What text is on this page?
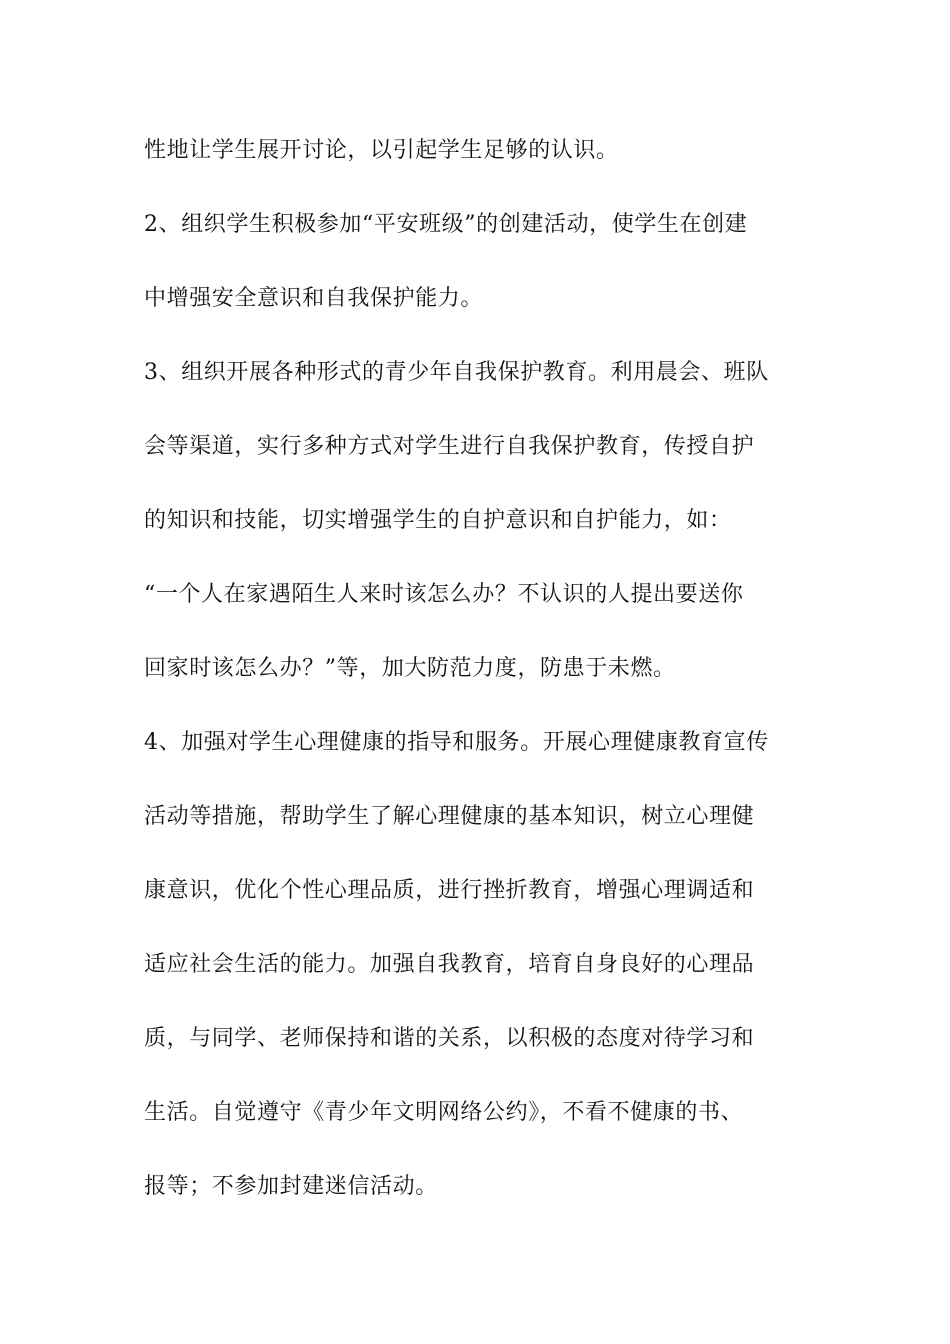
性地让学生展开讨论，以引起学生足够的认识。
2、组织学生积极参加“平安班级”的创建活动，使学生在创建
中增强安全意识和自我保护能力。
3、组织开展各种形式的青少年自我保护教育。利用晨会、班队
会等渠道，实行多种方式对学生进行自我保护教育，传授自护
的知识和技能，切实增强学生的自护意识和自护能力，如：
“一个人在家遇陌生人来时该怎么办？不认识的人提出要送你
回家时该怎么办？”等，加大防范力度，防患于未燃。
4、加强对学生心理健康的指导和服务。开展心理健康教育宣传
活动等措施，帮助学生了解心理健康的基本知识，树立心理健
康意识，优化个性心理品质，进行挫折教育，增强心理调适和
适应社会生活的能力。加强自我教育，培育自身良好的心理品
质，与同学、老师保持和谐的关系，以积极的态度对待学习和
生活。自觉遵守《青少年文明网络公约》，不看不健康的书、
报等；不参加封建迷信活动。
